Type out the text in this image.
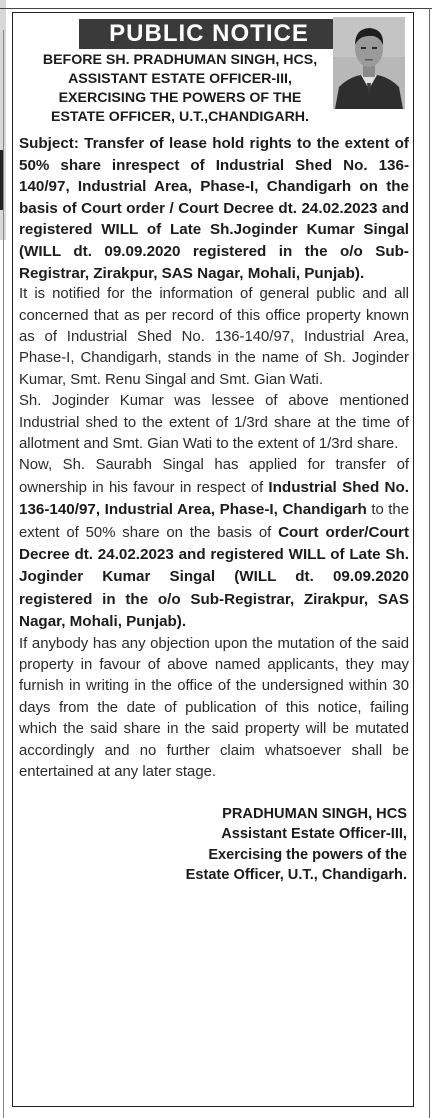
PUBLIC NOTICE
BEFORE SH. PRADHUMAN SINGH, HCS,
ASSISTANT ESTATE OFFICER-III,
EXERCISING THE POWERS OF THE
ESTATE OFFICER, U.T.,CHANDIGARH.
Subject: Transfer of lease hold rights to the extent of 50% share inrespect of Industrial Shed No. 136-140/97, Industrial Area, Phase-I, Chandigarh on the basis of Court order / Court Decree dt. 24.02.2023 and registered WILL of Late Sh.Joginder Kumar Singal (WILL dt. 09.09.2020 registered in the o/o Sub-Registrar, Zirakpur, SAS Nagar, Mohali, Punjab).

It is notified for the information of general public and all concerned that as per record of this office property known as of Industrial Shed No. 136-140/97, Industrial Area, Phase-I, Chandigarh, stands in the name of Sh. Joginder Kumar, Smt. Renu Singal and Smt. Gian Wati.

Sh. Joginder Kumar was lessee of above mentioned Industrial shed to the extent of 1/3rd share at the time of allotment and Smt. Gian Wati to the extent of 1/3rd share.

Now, Sh. Saurabh Singal has applied for transfer of ownership in his favour in respect of Industrial Shed No. 136-140/97, Industrial Area, Phase-I, Chandigarh to the extent of 50% share on the basis of Court order/Court Decree dt. 24.02.2023 and registered WILL of Late Sh. Joginder Kumar Singal (WILL dt. 09.09.2020 registered in the o/o Sub-Registrar, Zirakpur, SAS Nagar, Mohali, Punjab).

If anybody has any objection upon the mutation of the said property in favour of above named applicants, they may furnish in writing in the office of the undersigned within 30 days from the date of publication of this notice, failing which the said share in the said property will be mutated accordingly and no further claim whatsoever shall be entertained at any later stage.

PRADHUMAN SINGH, HCS
Assistant Estate Officer-III,
Exercising the powers of the
Estate Officer, U.T., Chandigarh.
